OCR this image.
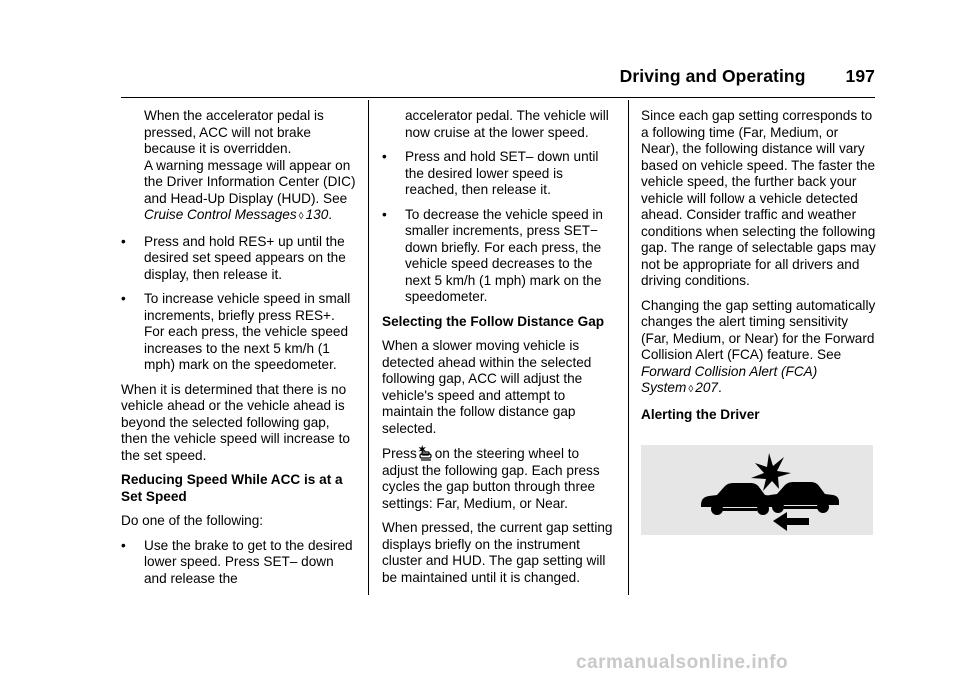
Driving and Operating 197

When the accelerator pedal is pressed, ACC will not brake because it is overridden.

A warning message will appear on the Driver Information Center (DIC) and Head-Up Display (HUD). See Cruise Control Messages ◊ 130.

•	Press and hold RES+ up until the desired set speed appears on the display, then release it.
•	To increase vehicle speed in small increments, briefly press RES+. For each press, the vehicle speed increases to the next 5 km/h (1 mph) mark on the speedometer.

When it is determined that there is no vehicle ahead or the vehicle ahead is beyond the selected following gap, then the vehicle speed will increase to the set speed.

Reducing Speed While ACC is at a Set Speed

Do one of the following:

•	Use the brake to get to the desired lower speed. Press SET– down and release the

accelerator pedal. The vehicle will now cruise at the lower speed.

•	Press and hold SET– down until the desired lower speed is reached, then release it.
•	To decrease the vehicle speed in smaller increments, press SET− down briefly. For each press, the vehicle speed decreases to the next 5 km/h (1 mph) mark on the speedometer.

Selecting the Follow Distance Gap

When a slower moving vehicle is detected ahead within the selected following gap, ACC will adjust the vehicle's speed and attempt to maintain the follow distance gap selected.

Press on the steering wheel to adjust the following gap. Each press cycles the gap button through three settings: Far, Medium, or Near.

When pressed, the current gap setting displays briefly on the instrument cluster and HUD. The gap setting will be maintained until it is changed.

Since each gap setting corresponds to a following time (Far, Medium, or Near), the following distance will vary based on vehicle speed. The faster the vehicle speed, the further back your vehicle will follow a vehicle detected ahead. Consider traffic and weather conditions when selecting the following gap. The range of selectable gaps may not be appropriate for all drivers and driving conditions.

Changing the gap setting automatically changes the alert timing sensitivity (Far, Medium, or Near) for the Forward Collision Alert (FCA) feature. See Forward Collision Alert (FCA) System ◊ 207.

Alerting the Driver

carmanualsonline.info
